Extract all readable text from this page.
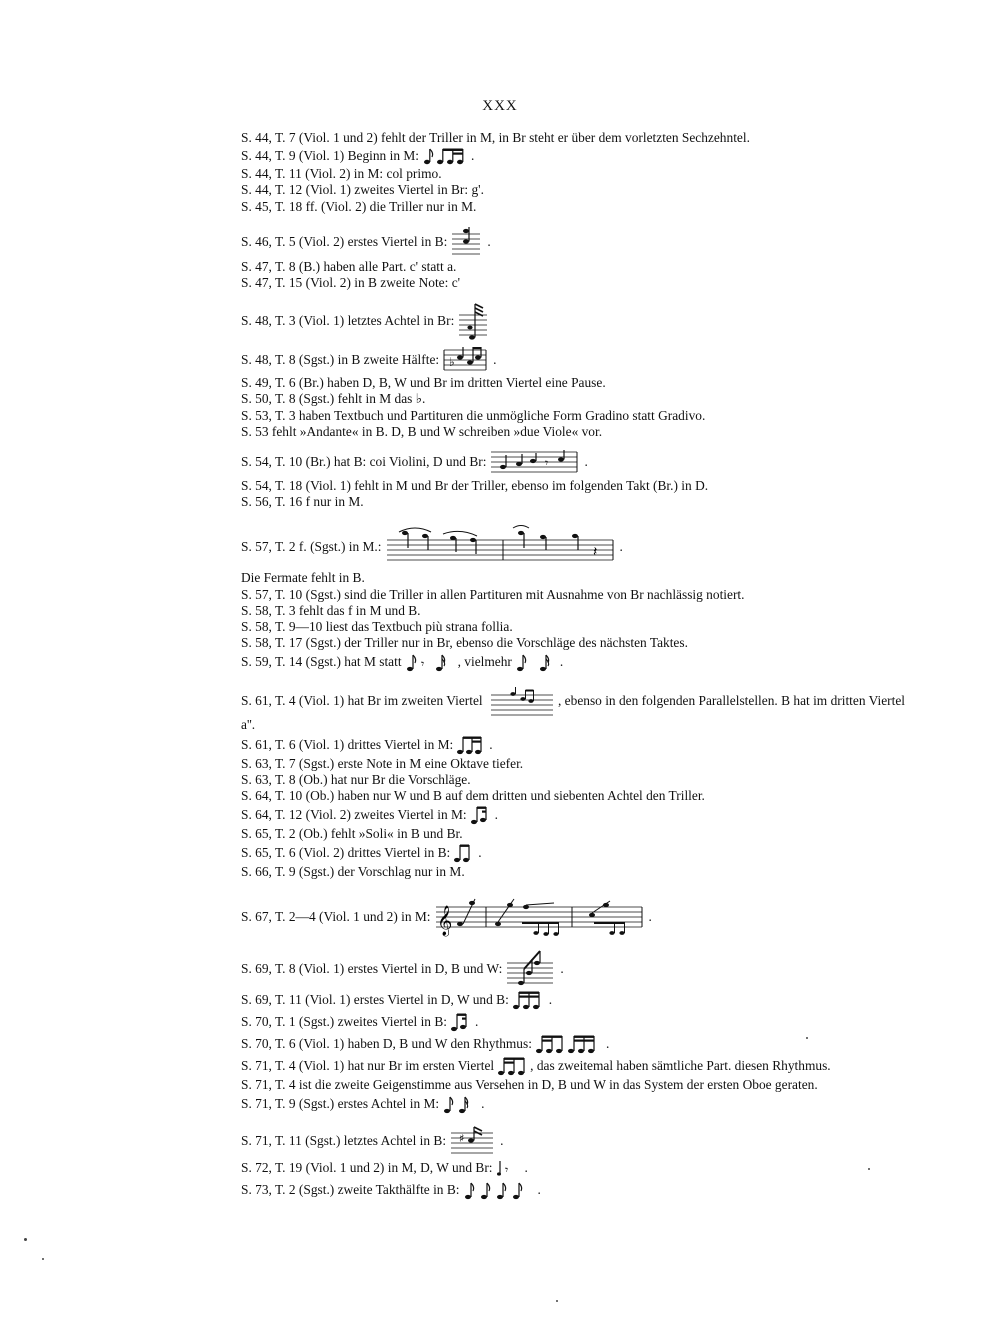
XXX
S. 44, T. 7 (Viol. 1 und 2) fehlt der Triller in M, in Br steht er über dem vorletzten Sechzehntel.
S. 44, T. 9 (Viol. 1) Beginn in M:	.
S. 44, T. 11 (Viol. 2) in M: col primo.
S. 44, T. 12 (Viol. 1) zweites Viertel in Br: g'.
S. 45, T. 18 ff. (Viol. 2) die Triller nur in M.
S. 46, T. 5 (Viol. 2) erstes Viertel in B:	.
S. 47, T. 8 (B.) haben alle Part. c' statt a.
S. 47, T. 15 (Viol. 2) in B zweite Note: c'
S. 48, T. 3 (Viol. 1) letztes Achtel in Br:
S. 48, T. 8 (Sgst.) in B zweite Hälfte: ♭	.
S. 49, T. 6 (Br.) haben D, B, W und Br im dritten Viertel eine Pause.
S. 50, T. 8 (Sgst.) fehlt in M das ♭.
S. 53, T. 3 haben Textbuch und Partituren die unmögliche Form Gradino statt Gradivo.
S. 53 fehlt »Andante« in B. D, B und W schreiben »due Viole« vor.
S. 54, T. 10 (Br.) hat B: coi Violini, D und Br:	𝄾	.
S. 54, T. 18 (Viol. 1) fehlt in M und Br der Triller, ebenso im folgenden Takt (Br.) in D.
S. 56, T. 16 f nur in M.
S. 57, T. 2 f. (Sgst.) in M.:	𝄽 .
Die Fermate fehlt in B.
S. 57, T. 10 (Sgst.) sind die Triller in allen Partituren mit Ausnahme von Br nachlässig notiert.
S. 58, T. 3 fehlt das f in M und B.
S. 58, T. 9—10 liest das Textbuch più strana follia.
S. 58, T. 17 (Sgst.) der Triller nur in Br, ebenso die Vorschläge des nächsten Taktes.
S. 59, T. 14 (Sgst.) hat M statt 𝄾	, vielmehr	.
S. 61, T. 4 (Viol. 1) hat Br im zweiten Viertel	, ebenso in den folgenden Parallelstellen. B hat im dritten Viertel a''.
S. 61, T. 6 (Viol. 1) drittes Viertel in M:	.
S. 63, T. 7 (Sgst.) erste Note in M eine Oktave tiefer.
S. 63, T. 8 (Ob.) hat nur Br die Vorschläge.
S. 64, T. 10 (Ob.) haben nur W und B auf dem dritten und siebenten Achtel den Triller.
S. 64, T. 12 (Viol. 2) zweites Viertel in M: .
S. 65, T. 2 (Ob.) fehlt »Soli« in B und Br.
S. 65, T. 6 (Viol. 2) drittes Viertel in B: .
S. 66, T. 9 (Sgst.) der Vorschlag nur in M.
S. 67, T. 2—4 (Viol. 1 und 2) in M: 𝄞	.
S. 69, T. 8 (Viol. 1) erstes Viertel in D, B und W:	.
S. 69, T. 11 (Viol. 1) erstes Viertel in D, W und B:	.
S. 70, T. 1 (Sgst.) zweites Viertel in B: .
S. 70, T. 6 (Viol. 1) haben D, B und W den Rhythmus:	.
S. 71, T. 4 (Viol. 1) hat nur Br im ersten Viertel	, das zweitemal haben sämtliche Part. diesen Rhythmus.
S. 71, T. 4 ist die zweite Geigenstimme aus Versehen in D, B und W in das System der ersten Oboe geraten.
S. 71, T. 9 (Sgst.) erstes Achtel in M:	.
S. 71, T. 11 (Sgst.) letztes Achtel in B: ♯	.
S. 72, T. 19 (Viol. 1 und 2) in M, D, W und Br: 𝄾 .
S. 73, T. 2 (Sgst.) zweite Takthälfte in B:	.
